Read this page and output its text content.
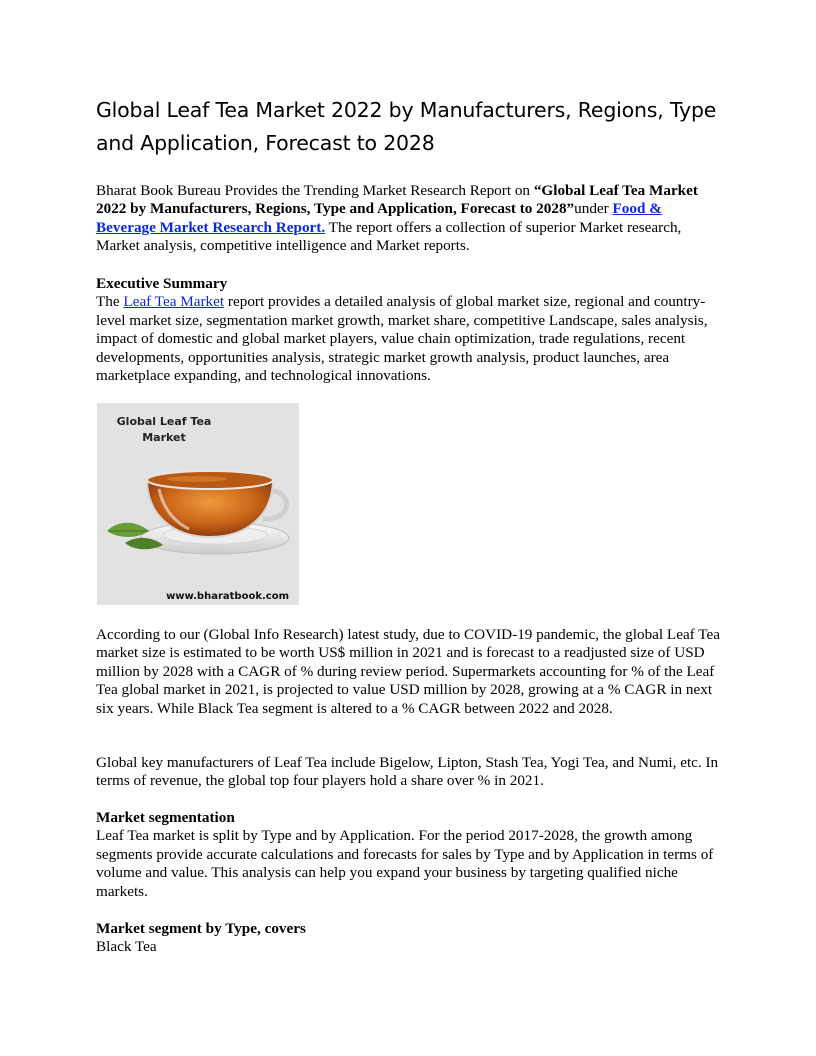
Global Leaf Tea Market 2022 by Manufacturers, Regions, Type and Application, Forecast to 2028

Bharat Book Bureau Provides the Trending Market Research Report on “Global Leaf Tea Market 2022 by Manufacturers, Regions, Type and Application, Forecast to 2028”under Food & Beverage Market Research Report. The report offers a collection of superior Market research, Market analysis, competitive intelligence and Market reports.

Executive Summary
The Leaf Tea Market report provides a detailed analysis of global market size, regional and country-level market size, segmentation market growth, market share, competitive Landscape, sales analysis, impact of domestic and global market players, value chain optimization, trade regulations, recent developments, opportunities analysis, strategic market growth analysis, product launches, area marketplace expanding, and technological innovations.

Global Leaf Tea Market
www.bharatbook.com

According to our (Global Info Research) latest study, due to COVID-19 pandemic, the global Leaf Tea market size is estimated to be worth US$ million in 2021 and is forecast to a readjusted size of USD million by 2028 with a CAGR of % during review period. Supermarkets accounting for % of the Leaf Tea global market in 2021, is projected to value USD million by 2028, growing at a % CAGR in next six years. While Black Tea segment is altered to a % CAGR between 2022 and 2028.

Global key manufacturers of Leaf Tea include Bigelow, Lipton, Stash Tea, Yogi Tea, and Numi, etc. In terms of revenue, the global top four players hold a share over % in 2021.

Market segmentation
Leaf Tea market is split by Type and by Application. For the period 2017-2028, the growth among segments provide accurate calculations and forecasts for sales by Type and by Application in terms of volume and value. This analysis can help you expand your business by targeting qualified niche markets.

Market segment by Type, covers
Black Tea
